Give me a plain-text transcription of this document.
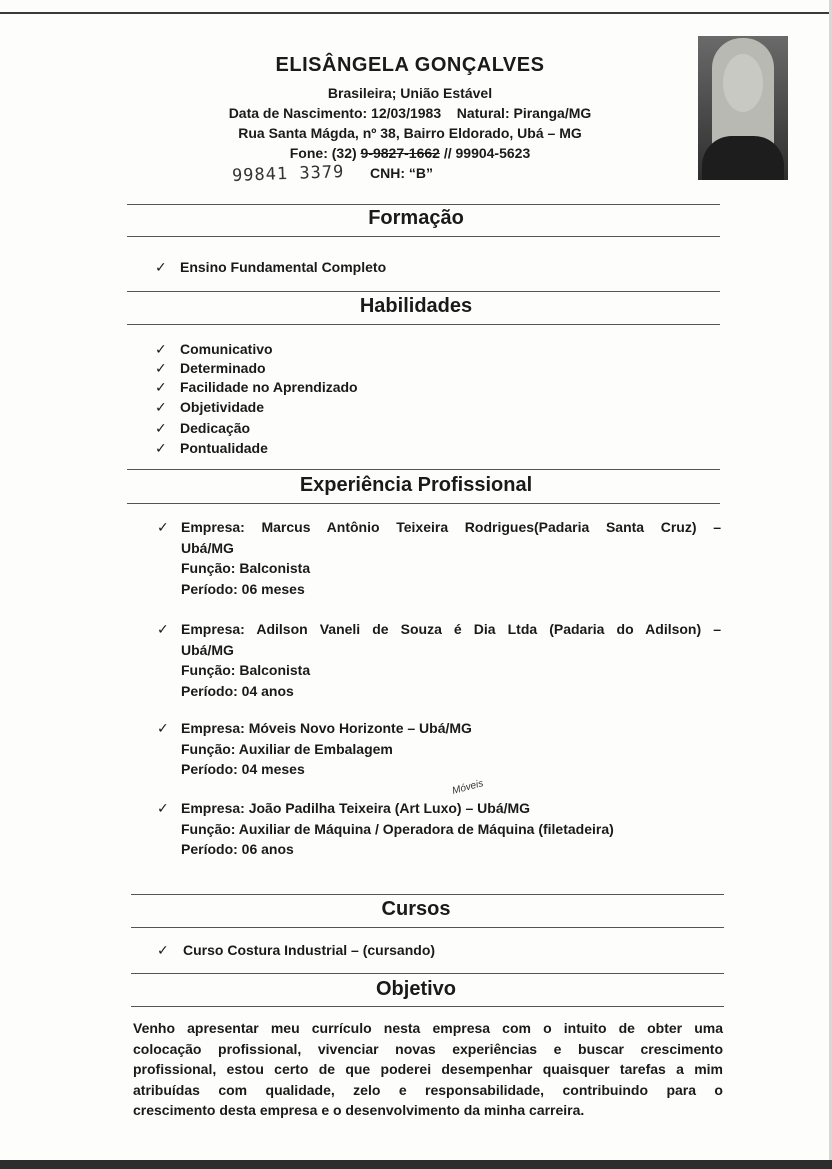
ELISÂNGELA GONÇALVES
Brasileira; União Estável
Data de Nascimento: 12/03/1983 Natural: Piranga/MG
Rua Santa Mágda, nº 38, Bairro Eldorado, Ubá – MG
Fone: (32) 9-9827-1662 // 99904-5623
99841 3379 CNH: “B”
Formação
✓ Ensino Fundamental Completo
Habilidades
✓ Comunicativo
✓ Determinado
✓ Facilidade no Aprendizado
✓ Objetividade
✓ Dedicação
✓ Pontualidade
Experiência Profissional
✓ Empresa: Marcus Antônio Teixeira Rodrigues(Padaria Santa Cruz) –
Ubá/MG
Função: Balconista
Período: 06 meses
✓ Empresa: Adilson Vaneli de Souza é Dia Ltda (Padaria do Adilson) –
Ubá/MG
Função: Balconista
Período: 04 anos
✓ Empresa: Móveis Novo Horizonte – Ubá/MG
Função: Auxiliar de Embalagem
Período: 04 meses
Móveis
✓ Empresa: João Padilha Teixeira (Art Luxo) – Ubá/MG
Função: Auxiliar de Máquina / Operadora de Máquina (filetadeira)
Período: 06 anos
Cursos
✓ Curso Costura Industrial – (cursando)
Objetivo
Venho apresentar meu currículo nesta empresa com o intuito de obter uma
colocação profissional, vivenciar novas experiências e buscar crescimento
profissional, estou certo de que poderei desempenhar quaisquer tarefas a mim
atribuídas com qualidade, zelo e responsabilidade, contribuindo para o
crescimento desta empresa e o desenvolvimento da minha carreira.
